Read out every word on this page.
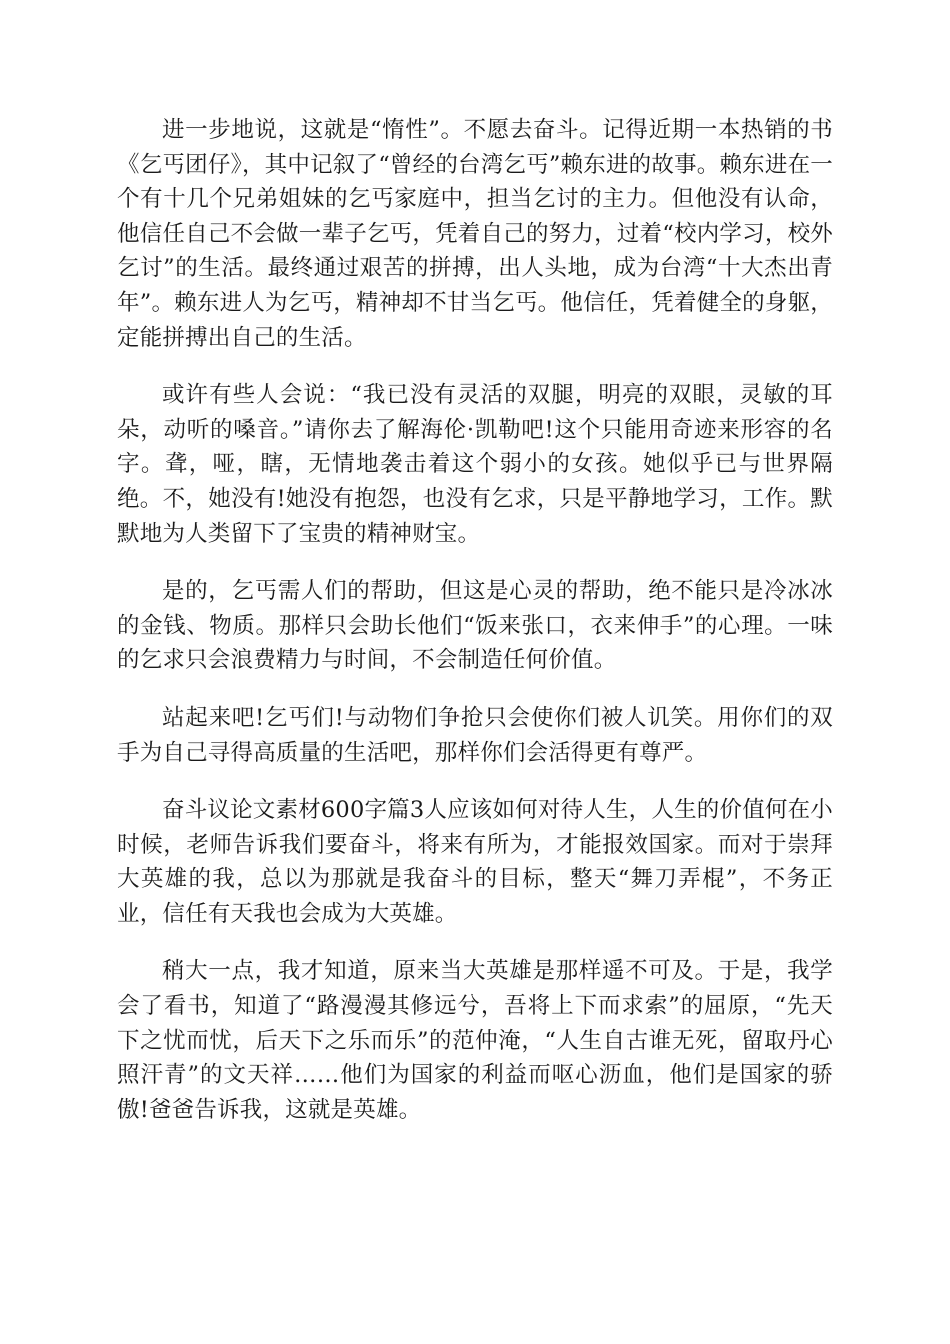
进一步地说，这就是“惰性”。不愿去奋斗。记得近期一本热销的书《乞丐团仔》，其中记叙了“曾经的台湾乞丐”赖东进的故事。赖东进在一个有十几个兄弟姐妹的乞丐家庭中，担当乞讨的主力。但他没有认命，他信任自己不会做一辈子乞丐，凭着自己的努力，过着“校内学习，校外乞讨”的生活。最终通过艰苦的拼搏，出人头地，成为台湾“十大杰出青年”。赖东进人为乞丐，精神却不甘当乞丐。他信任，凭着健全的身躯，定能拼搏出自己的生活。

或许有些人会说：“我已没有灵活的双腿，明亮的双眼，灵敏的耳朵，动听的嗓音。”请你去了解海伦·凯勒吧!这个只能用奇迹来形容的名字。聋，哑，瞎，无情地袭击着这个弱小的女孩。她似乎已与世界隔绝。不，她没有!她没有抱怨，也没有乞求，只是平静地学习，工作。默默地为人类留下了宝贵的精神财宝。

是的，乞丐需人们的帮助，但这是心灵的帮助，绝不能只是冷冰冰的金钱、物质。那样只会助长他们“饭来张口，衣来伸手”的心理。一味的乞求只会浪费精力与时间，不会制造任何价值。

站起来吧!乞丐们!与动物们争抢只会使你们被人讥笑。用你们的双手为自己寻得高质量的生活吧，那样你们会活得更有尊严。

奋斗议论文素材600字篇3人应该如何对待人生，人生的价值何在小时候，老师告诉我们要奋斗，将来有所为，才能报效国家。而对于崇拜大英雄的我，总以为那就是我奋斗的目标，整天“舞刀弄棍”，不务正业，信任有天我也会成为大英雄。

稍大一点，我才知道，原来当大英雄是那样遥不可及。于是，我学会了看书，知道了“路漫漫其修远兮，吾将上下而求索”的屈原，“先天下之忧而忧，后天下之乐而乐”的范仲淹，“人生自古谁无死，留取丹心照汗青”的文天祥……他们为国家的利益而呕心沥血，他们是国家的骄傲!爸爸告诉我，这就是英雄。
